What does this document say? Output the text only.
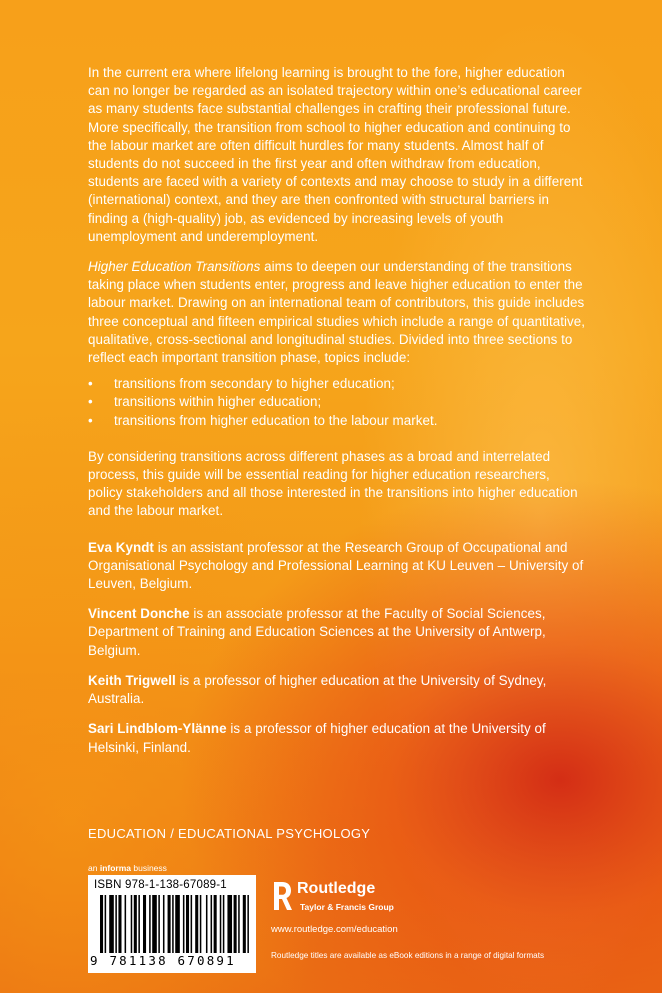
In the current era where lifelong learning is brought to the fore, higher education can no longer be regarded as an isolated trajectory within one’s educational career as many students face substantial challenges in crafting their professional future. More specifically, the transition from school to higher education and continuing to the labour market are often difficult hurdles for many students. Almost half of students do not succeed in the first year and often withdraw from education, students are faced with a variety of contexts and may choose to study in a different (international) context, and they are then confronted with structural barriers in finding a (high-quality) job, as evidenced by increasing levels of youth unemployment and underemployment.

Higher Education Transitions aims to deepen our understanding of the transitions taking place when students enter, progress and leave higher education to enter the labour market. Drawing on an international team of contributors, this guide includes three conceptual and fifteen empirical studies which include a range of quantitative, qualitative, cross-sectional and longitudinal studies. Divided into three sections to reflect each important transition phase, topics include:

• transitions from secondary to higher education;
• transitions within higher education;
• transitions from higher education to the labour market.

By considering transitions across different phases as a broad and interrelated process, this guide will be essential reading for higher education researchers, policy stakeholders and all those interested in the transitions into higher education and the labour market.

Eva Kyndt is an assistant professor at the Research Group of Occupational and Organisational Psychology and Professional Learning at KU Leuven – University of Leuven, Belgium.

Vincent Donche is an associate professor at the Faculty of Social Sciences, Department of Training and Education Sciences at the University of Antwerp, Belgium.

Keith Trigwell is a professor of higher education at the University of Sydney, Australia.

Sari Lindblom-Ylänne is a professor of higher education at the University of Helsinki, Finland.

EDUCATION / EDUCATIONAL PSYCHOLOGY
an informa business
ISBN 978-1-138-67089-1
9 781138 670891
Routledge
Taylor & Francis Group
www.routledge.com/education
Routledge titles are available as eBook editions in a range of digital formats
